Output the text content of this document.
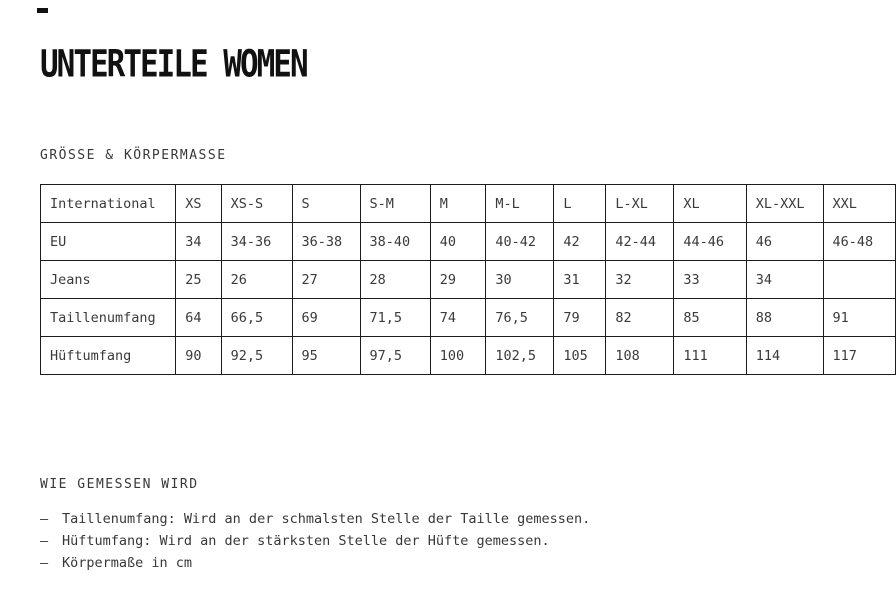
UNTERTEILE WOMEN
GRÖSSE & KÖRPERMASSE
International	XS	XS-S	S	S-M	M	M-L	L	L-XL	XL	XL-XXL	XXL
EU	34	34-36	36-38	38-40	40	40-42	42	42-44	44-46	46	46-48
Jeans	25	26	27	28	29	30	31	32	33	34	
Taillenumfang	64	66,5	69	71,5	74	76,5	79	82	85	88	91
Hüftumfang	90	92,5	95	97,5	100	102,5	105	108	111	114	117
WIE GEMESSEN WIRD
– Taillenumfang: Wird an der schmalsten Stelle der Taille gemessen.
– Hüftumfang: Wird an der stärksten Stelle der Hüfte gemessen.
– Körpermaße in cm
